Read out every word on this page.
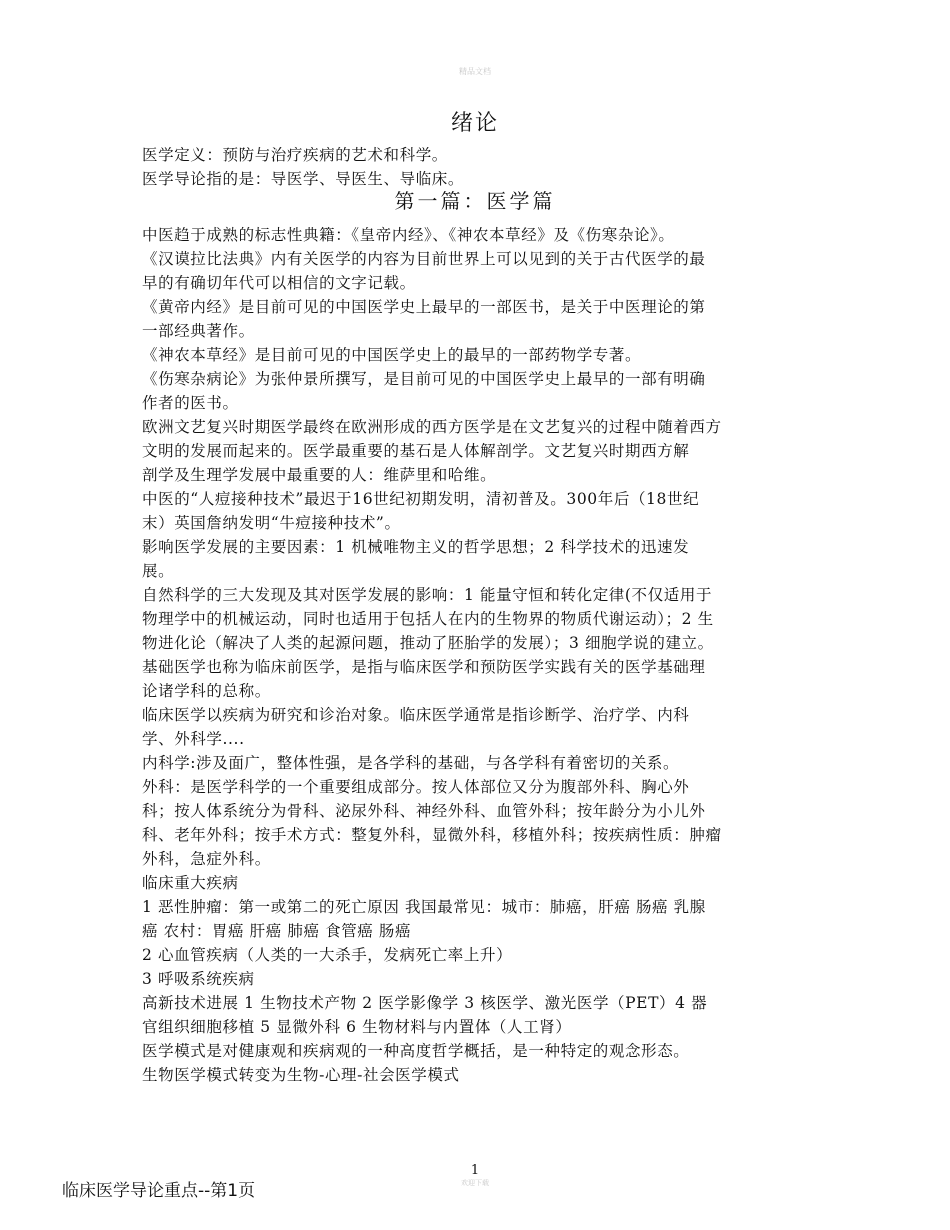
精品文档
绪论
医学定义：预防与治疗疾病的艺术和科学。
医学导论指的是：导医学、导医生、导临床。
第一篇：医学篇
中医趋于成熟的标志性典籍：《皇帝内经》、《神农本草经》及《伤寒杂论》。
《汉谟拉比法典》内有关医学的内容为目前世界上可以见到的关于古代医学的最
早的有确切年代可以相信的文字记载。
《黄帝内经》是目前可见的中国医学史上最早的一部医书，是关于中医理论的第
一部经典著作。
《神农本草经》是目前可见的中国医学史上的最早的一部药物学专著。
《伤寒杂病论》为张仲景所撰写，是目前可见的中国医学史上最早的一部有明确
作者的医书。
欧洲文艺复兴时期医学最终在欧洲形成的西方医学是在文艺复兴的过程中随着西方
文明的发展而起来的。医学最重要的基石是人体解剖学。文艺复兴时期西方解
剖学及生理学发展中最重要的人：维萨里和哈维。
中医的“人痘接种技术”最迟于16世纪初期发明，清初普及。300年后（18世纪
末）英国詹纳发明“牛痘接种技术”。
影响医学发展的主要因素：1 机械唯物主义的哲学思想；2 科学技术的迅速发
展。
自然科学的三大发现及其对医学发展的影响：1 能量守恒和转化定律(不仅适用于
物理学中的机械运动，同时也适用于包括人在内的生物界的物质代谢运动）；2 生
物进化论（解决了人类的起源问题，推动了胚胎学的发展）；3 细胞学说的建立。
基础医学也称为临床前医学，是指与临床医学和预防医学实践有关的医学基础理
论诸学科的总称。
临床医学以疾病为研究和诊治对象。临床医学通常是指诊断学、治疗学、内科
学、外科学....
内科学:涉及面广，整体性强，是各学科的基础，与各学科有着密切的关系。
外科：是医学科学的一个重要组成部分。按人体部位又分为腹部外科、胸心外
科；按人体系统分为骨科、泌尿外科、神经外科、血管外科；按年龄分为小儿外
科、老年外科；按手术方式：整复外科，显微外科，移植外科；按疾病性质：肿瘤
外科，急症外科。
临床重大疾病
1 恶性肿瘤：第一或第二的死亡原因 我国最常见：城市：肺癌，肝癌 肠癌 乳腺
癌 农村：胃癌 肝癌 肺癌 食管癌 肠癌
2 心血管疾病（人类的一大杀手，发病死亡率上升）
3 呼吸系统疾病
高新技术进展 1 生物技术产物 2 医学影像学 3 核医学、激光医学（PET）4 器
官组织细胞移植 5 显微外科 6 生物材料与内置体（人工肾）
医学模式是对健康观和疾病观的一种高度哲学概括，是一种特定的观念形态。
生物医学模式转变为生物-心理-社会医学模式
1
欢迎下载
临床医学导论重点--第1页
